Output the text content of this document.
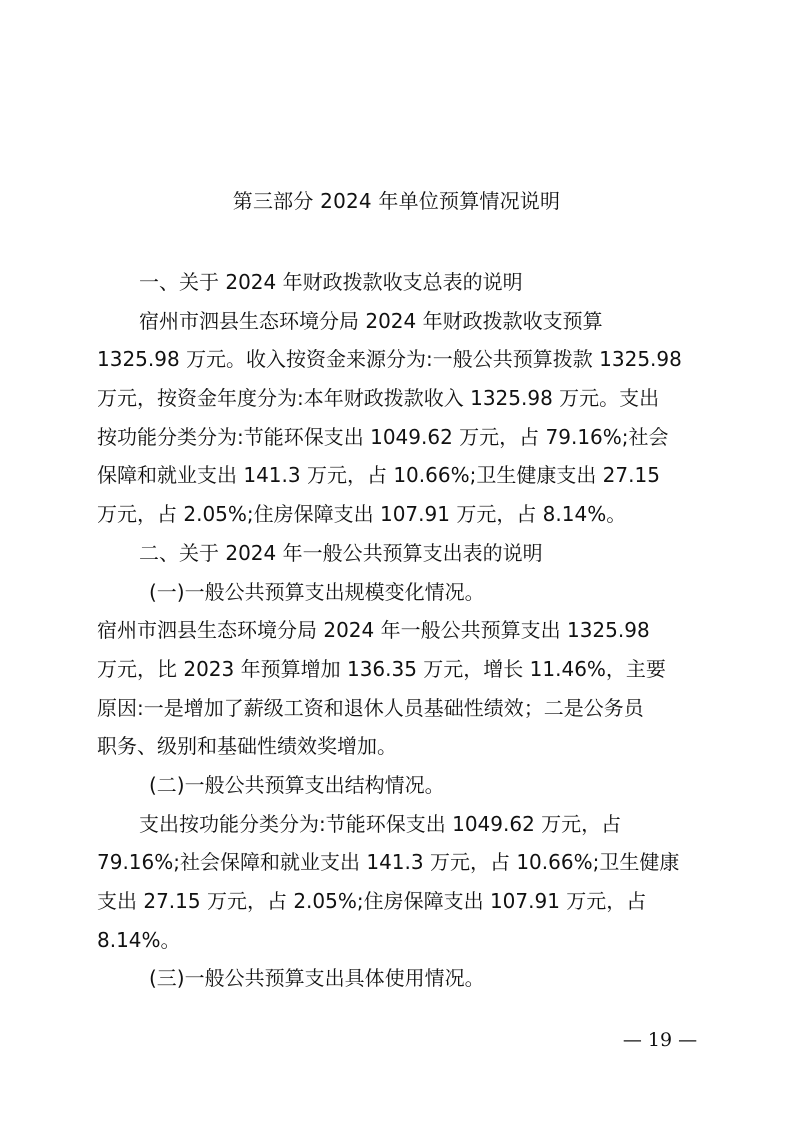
第三部分 2024 年单位预算情况说明
一、关于 2024 年财政拨款收支总表的说明
宿州市泗县生态环境分局 2024 年财政拨款收支预算
1325.98 万元。收入按资金来源分为:一般公共预算拨款 1325.98
万元，按资金年度分为:本年财政拨款收入 1325.98 万元。支出
按功能分类分为:节能环保支出 1049.62 万元，占 79.16%;社会
保障和就业支出 141.3 万元，占 10.66%;卫生健康支出 27.15
万元，占 2.05%;住房保障支出 107.91 万元，占 8.14%。
二、关于 2024 年一般公共预算支出表的说明
(一)一般公共预算支出规模变化情况。
宿州市泗县生态环境分局 2024 年一般公共预算支出 1325.98
万元，比 2023 年预算增加 136.35 万元，增长 11.46%，主要
原因:一是增加了薪级工资和退休人员基础性绩效；二是公务员
职务、级别和基础性绩效奖增加。
(二)一般公共预算支出结构情况。
支出按功能分类分为:节能环保支出 1049.62 万元，占
79.16%;社会保障和就业支出 141.3 万元，占 10.66%;卫生健康
支出 27.15 万元，占 2.05%;住房保障支出 107.91 万元，占
8.14%。
(三)一般公共预算支出具体使用情况。
— 19 —
